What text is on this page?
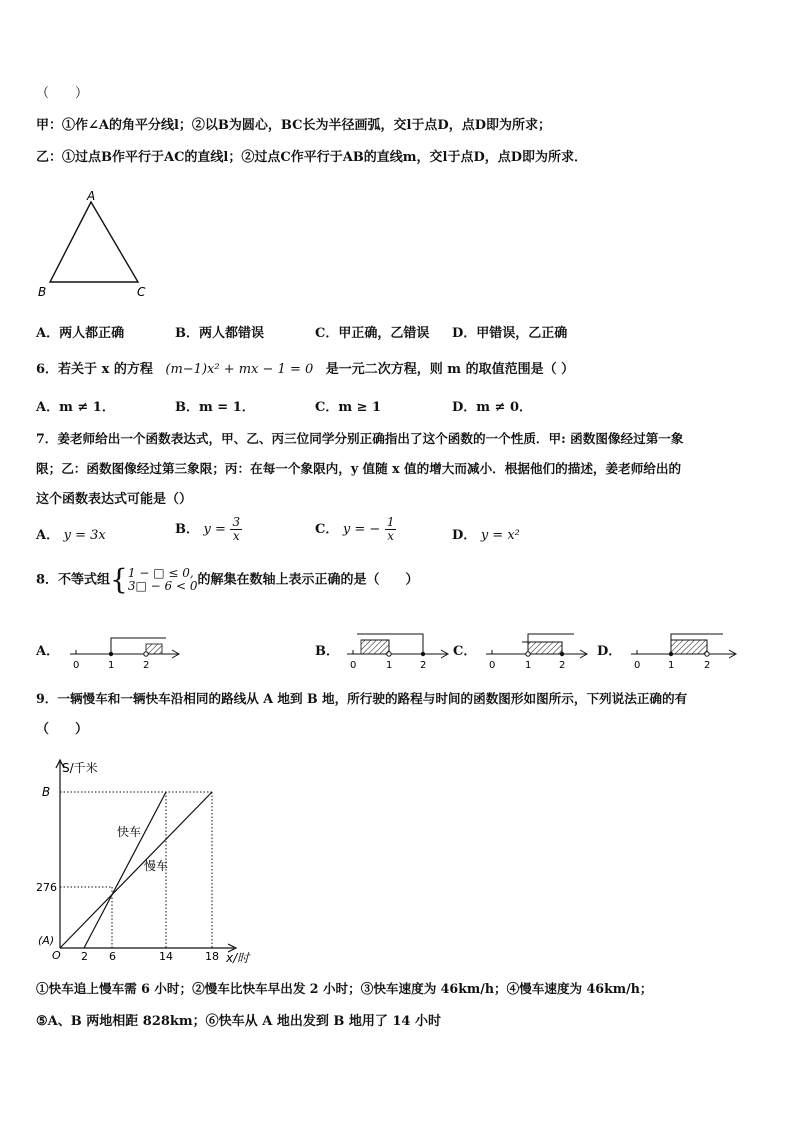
（　　）
甲：①作∠A的角平分线l；②以B为圆心，BC长为半径画弧，交l于点D，点D即为所求；
乙：①过点B作平行于AC的直线l；②过点C作平行于AB的直线m，交l于点D，点D即为所求．
A
B	C
A．两人都正确	B．两人都错误	C．甲正确，乙错误 D．甲错误，乙正确
6．若关于 x 的方程 (m−1)x² + mx − 1 = 0 是一元二次方程，则 m 的取值范围是（ ）
A．m ≠ 1．	B．m = 1．	C．m ≥ 1	D．m ≠ 0．
7．姜老师给出一个函数表达式，甲、乙、丙三位同学分别正确指出了这个函数的一个性质．甲: 函数图像经过第一象
限；乙：函数图像经过第三象限；丙：在每一个象限内，y 值随 x 值的增大而减小．根据他们的描述，姜老师给出的
这个函数表达式可能是（）
A． y = 3x	B． $y = \frac{3}{x}$	C． y = − $\frac{1}{x}$	D． y = x²
8．不等式组{ 1 − □ ≤ 0,
3□ − 6 < 0 的解集在数轴上表示正确的是（　　）
A．
0	1	2
B．
0	1	2
C．
0	1	2
D．
1	2
0
9．一辆慢车和一辆快车沿相同的路线从 A 地到 B 地，所行驶的路程与时间的函数图形如图所示，下列说法正确的有
（　　）
S/千米
x/时
B
276
(A)
O 2 6	14	18
快车
慢车
①快车追上慢车需 6 小时；②慢车比快车早出发 2 小时；③快车速度为 46km/h；④慢车速度为 46km/h；
⑤A、B 两地相距 828km；⑥快车从 A 地出发到 B 地用了 14 小时
